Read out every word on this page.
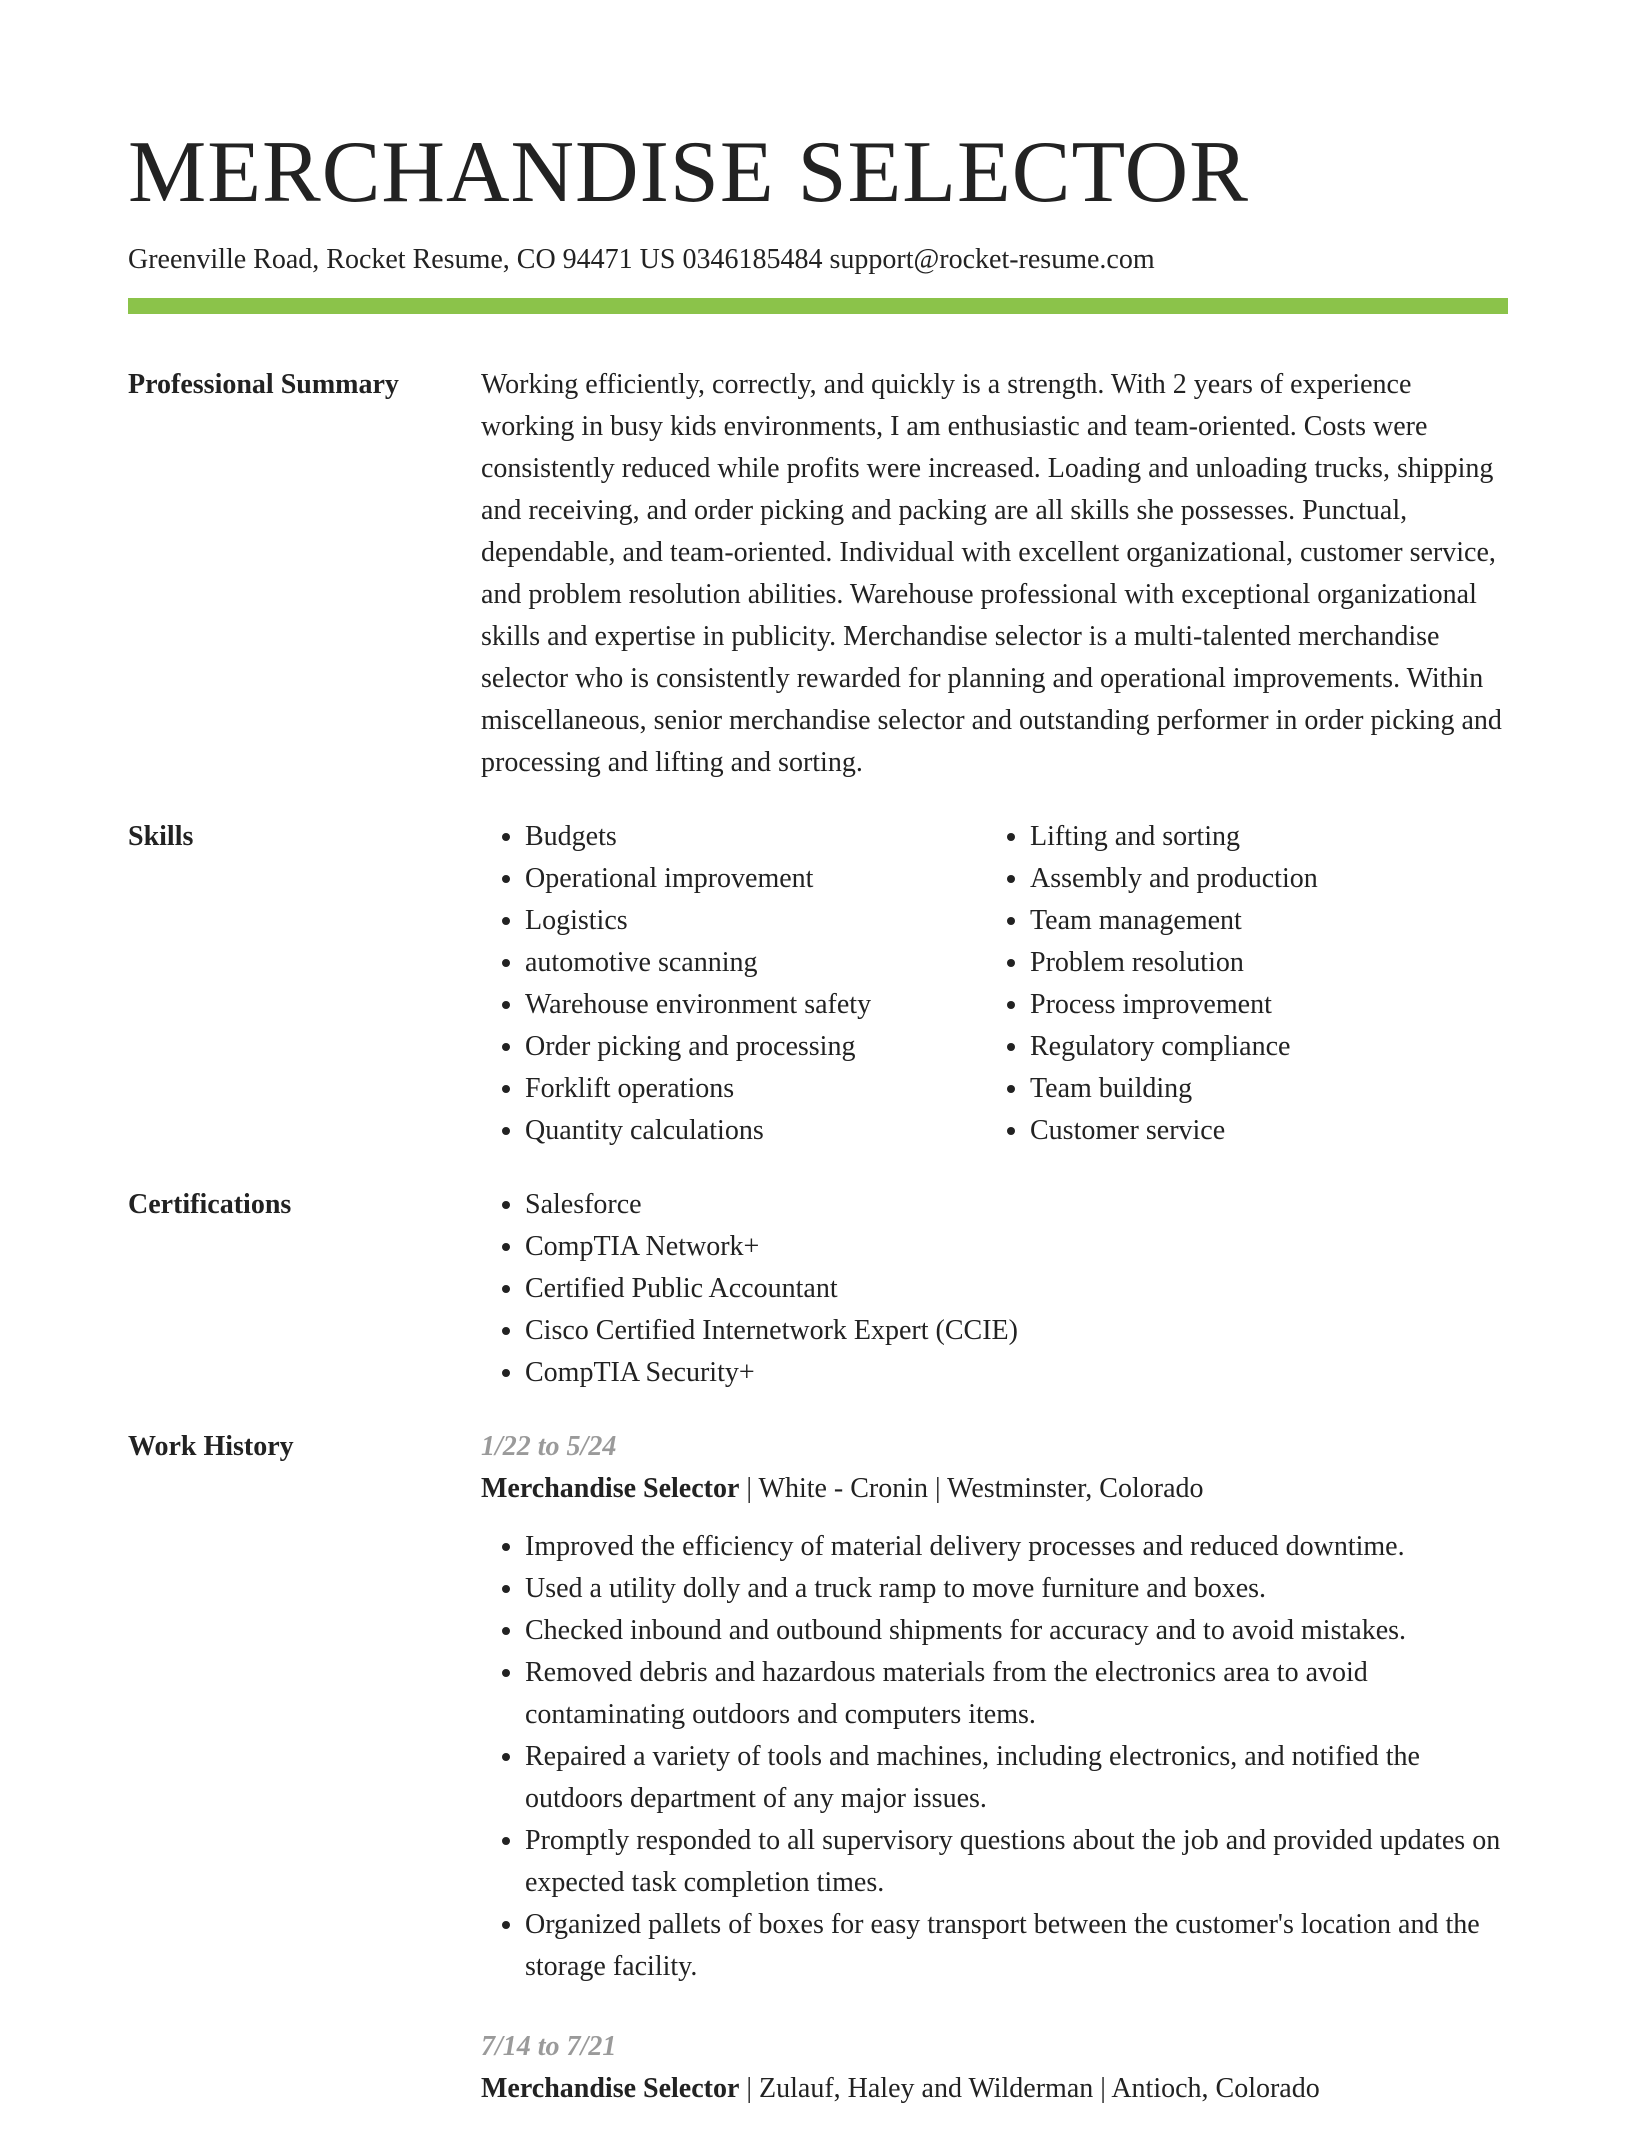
MERCHANDISE SELECTOR
Greenville Road, Rocket Resume, CO 94471 US 0346185484 support@rocket-resume.com
Professional Summary	Working efficiently, correctly, and quickly is a strength. With 2 years of experience working in busy kids environments, I am enthusiastic and team-oriented. Costs were consistently reduced while profits were increased. Loading and unloading trucks, shipping and receiving, and order picking and packing are all skills she possesses. Punctual, dependable, and team-oriented. Individual with excellent organizational, customer service, and problem resolution abilities. Warehouse professional with exceptional organizational skills and expertise in publicity. Merchandise selector is a multi-talented merchandise selector who is consistently rewarded for planning and operational improvements. Within miscellaneous, senior merchandise selector and outstanding performer in order picking and processing and lifting and sorting.

Skills	• Budgets
• Operational improvement
• Logistics
• automotive scanning
• Warehouse environment safety
• Order picking and processing
• Forklift operations
• Quantity calculations
• Lifting and sorting
• Assembly and production
• Team management
• Problem resolution
• Process improvement
• Regulatory compliance
• Team building
• Customer service
Certifications	• Salesforce
• CompTIA Network+
• Certified Public Accountant
• Cisco Certified Internetwork Expert (CCIE)
• CompTIA Security+
Work History	1/22 to 5/24
Merchandise Selector | White - Cronin | Westminster, Colorado
• Improved the efficiency of material delivery processes and reduced downtime.
• Used a utility dolly and a truck ramp to move furniture and boxes.
• Checked inbound and outbound shipments for accuracy and to avoid mistakes.
• Removed debris and hazardous materials from the electronics area to avoid contaminating outdoors and computers items.
• Repaired a variety of tools and machines, including electronics, and notified the outdoors department of any major issues.
• Promptly responded to all supervisory questions about the job and provided updates on expected task completion times.
• Organized pallets of boxes for easy transport between the customer's location and the storage facility.
7/14 to 7/21
Merchandise Selector | Zulauf, Haley and Wilderman | Antioch, Colorado
